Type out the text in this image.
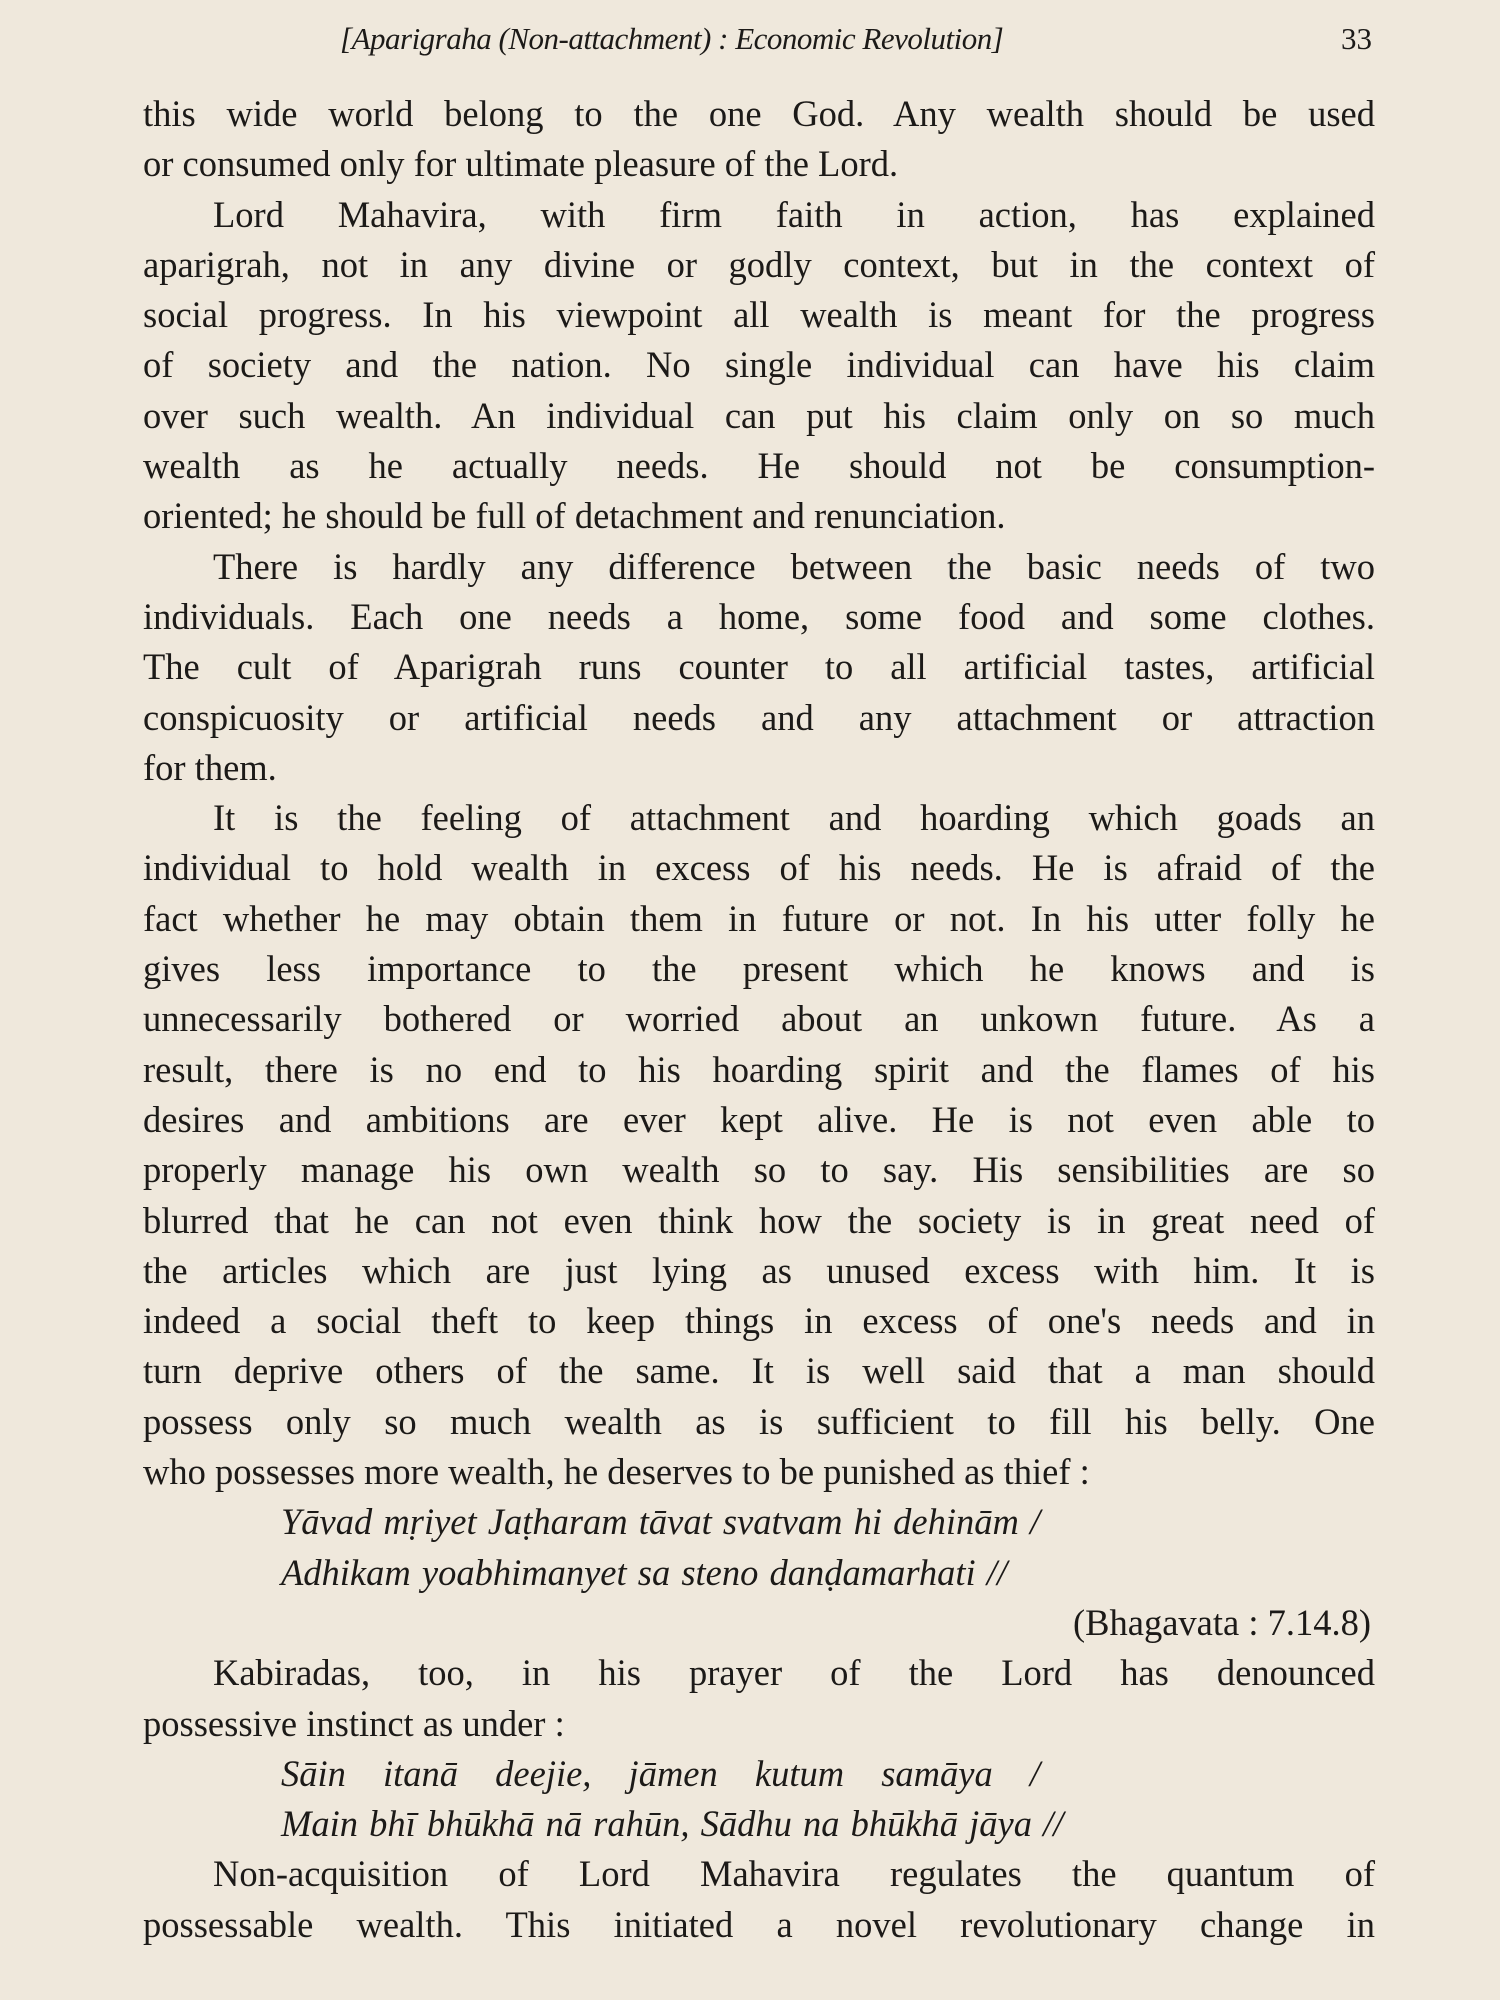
[Aparigraha (Non-attachment) : Economic Revolution]	33
this wide world belong to the one God. Any wealth should be used
or consumed only for ultimate pleasure of the Lord.
Lord Mahavira, with firm faith in action, has explained
aparigrah, not in any divine or godly context, but in the context of
social progress. In his viewpoint all wealth is meant for the progress
of society and the nation. No single individual can have his claim
over such wealth. An individual can put his claim only on so much
wealth as he actually needs. He should not be consumption-
oriented; he should be full of detachment and renunciation.
There is hardly any difference between the basic needs of two
individuals. Each one needs a home, some food and some clothes.
The cult of Aparigrah runs counter to all artificial tastes, artificial
conspicuosity or artificial needs and any attachment or attraction
for them.
It is the feeling of attachment and hoarding which goads an
individual to hold wealth in excess of his needs. He is afraid of the
fact whether he may obtain them in future or not. In his utter folly he
gives less importance to the present which he knows and is
unnecessarily bothered or worried about an unkown future. As a
result, there is no end to his hoarding spirit and the flames of his
desires and ambitions are ever kept alive. He is not even able to
properly manage his own wealth so to say. His sensibilities are so
blurred that he can not even think how the society is in great need of
the articles which are just lying as unused excess with him. It is
indeed a social theft to keep things in excess of one's needs and in
turn deprive others of the same. It is well said that a man should
possess only so much wealth as is sufficient to fill his belly. One
who possesses more wealth, he deserves to be punished as thief :
Yāvad mṛiyet Jaṭharam tāvat svatvam hi dehinām /
Adhikam yoabhimanyet sa steno danḍamarhati //
(Bhagavata : 7.14.8)
Kabiradas, too, in his prayer of the Lord has denounced
possessive instinct as under :
Sāin itanā deejie, jāmen kutum samāya /
Main bhī bhūkhā nā rahūn, Sādhu na bhūkhā jāya //
Non-acquisition of Lord Mahavira regulates the quantum of
possessable wealth. This initiated a novel revolutionary change in
